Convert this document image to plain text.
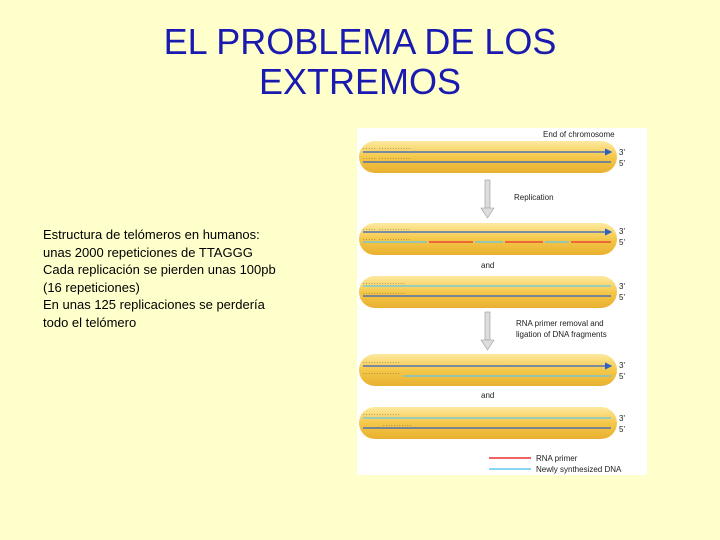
EL PROBLEMA DE LOS
EXTREMOS
Estructura de telómeros en humanos:
unas 2000 repeticiones de TTAGGG
Cada replicación se pierden unas 100pb
(16 repeticiones)
En unas 125 replicaciones se perdería
todo el telómero
End of chromosome
..... ............
..... ............
3'
5'
Replication
..... ............
..... ............
3'
5'
and
................
................
3'
5'
RNA primer removal and
ligation of DNA fragments
..............
..............
3'
5'
and
..............
...........
3'
5'
RNA primer
Newly synthesized DNA
